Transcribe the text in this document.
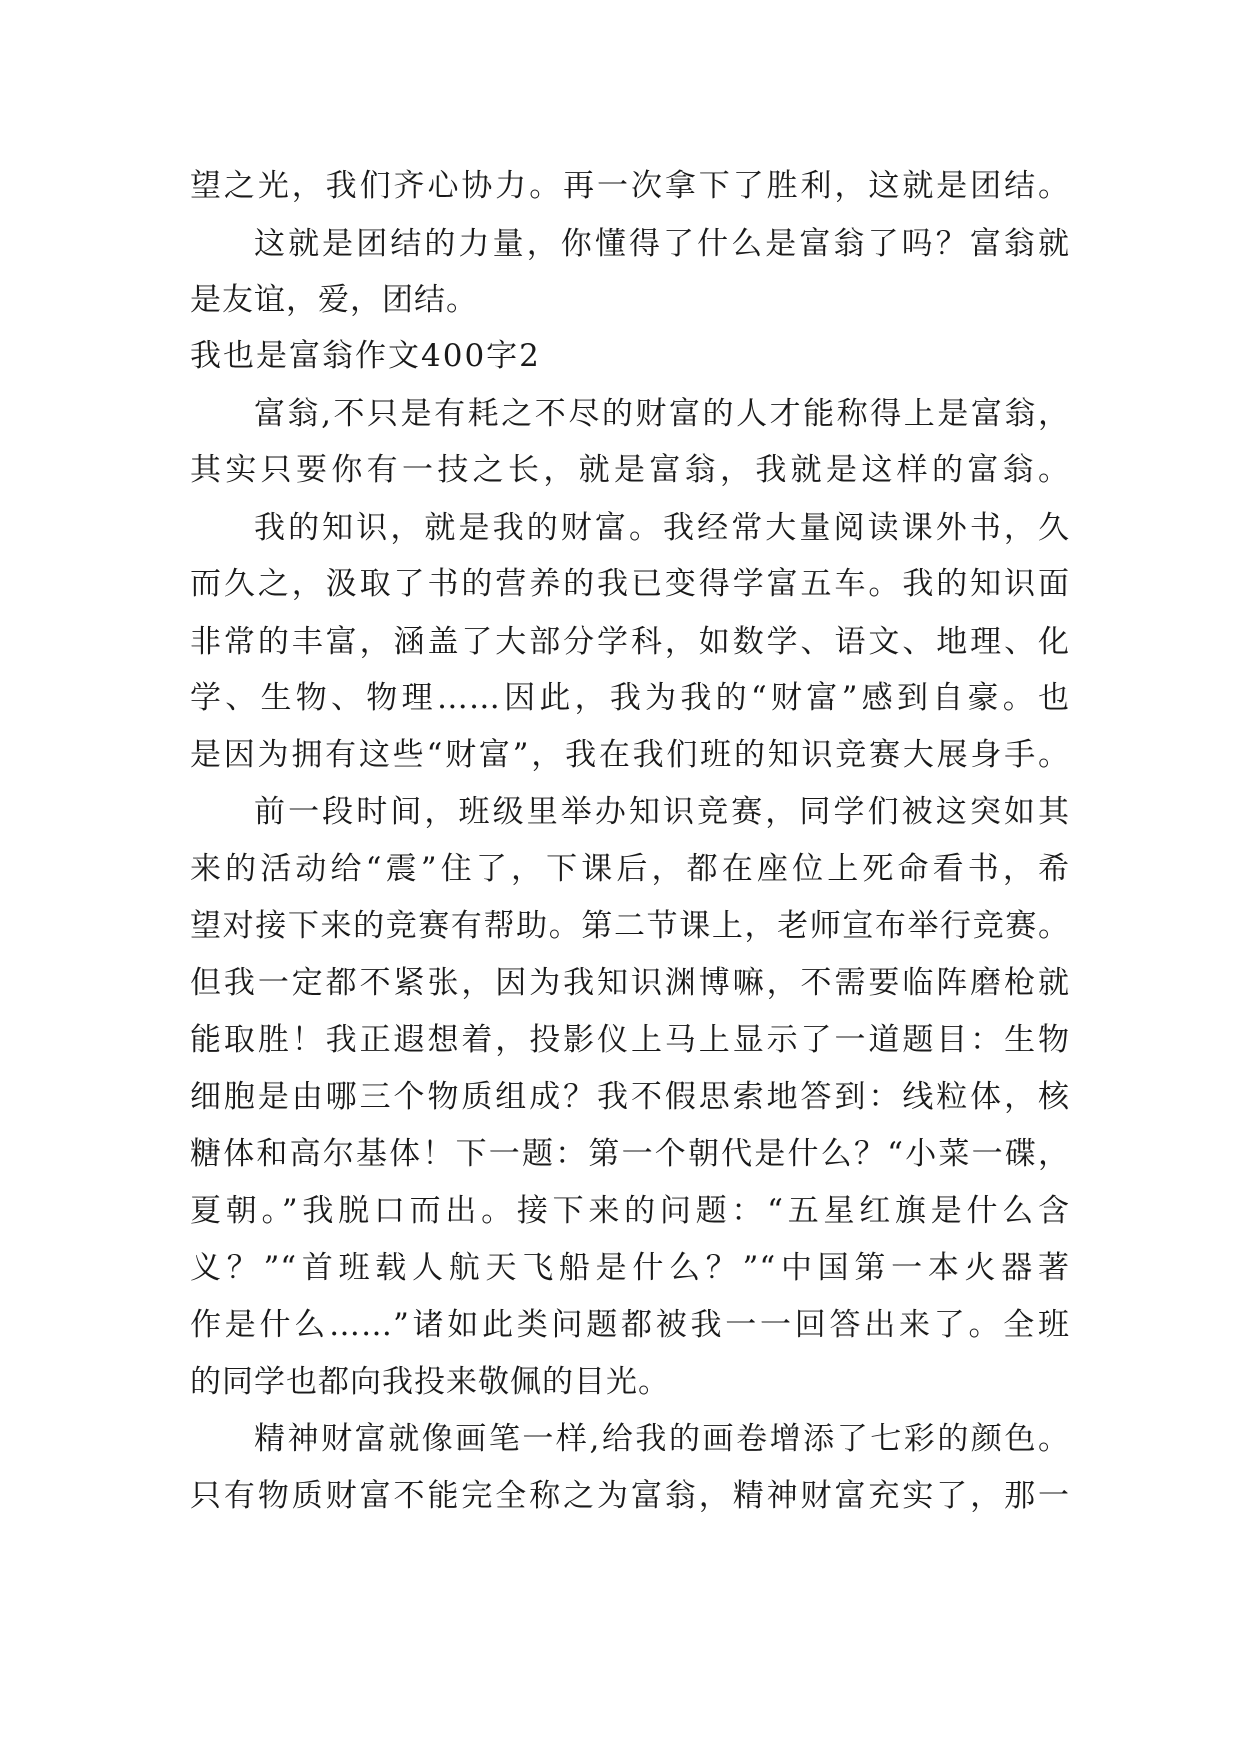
望之光，我们齐心协力。再一次拿下了胜利，这就是团结。
这就是团结的力量，你懂得了什么是富翁了吗？富翁就
是友谊，爱，团结。
我也是富翁作文400字2
富翁,不只是有耗之不尽的财富的人才能称得上是富翁，
其实只要你有一技之长，就是富翁，我就是这样的富翁。
我的知识，就是我的财富。我经常大量阅读课外书，久
而久之，汲取了书的营养的我已变得学富五车。我的知识面
非常的丰富，涵盖了大部分学科，如数学、语文、地理、化
学、生物、物理……因此，我为我的“财富”感到自豪。也
是因为拥有这些“财富”，我在我们班的知识竞赛大展身手。
前一段时间，班级里举办知识竞赛，同学们被这突如其
来的活动给“震”住了，下课后，都在座位上死命看书，希
望对接下来的竞赛有帮助。第二节课上，老师宣布举行竞赛。
但我一定都不紧张，因为我知识渊博嘛，不需要临阵磨枪就
能取胜！我正遐想着，投影仪上马上显示了一道题目：生物
细胞是由哪三个物质组成？我不假思索地答到：线粒体，核
糖体和高尔基体！下一题：第一个朝代是什么？“小菜一碟，
夏朝。”我脱口而出。接下来的问题：“五星红旗是什么含
义？”“首班载人航天飞船是什么？”“中国第一本火器著
作是什么……”诸如此类问题都被我一一回答出来了。全班
的同学也都向我投来敬佩的目光。
精神财富就像画笔一样,给我的画卷增添了七彩的颜色。
只有物质财富不能完全称之为富翁，精神财富充实了，那一
